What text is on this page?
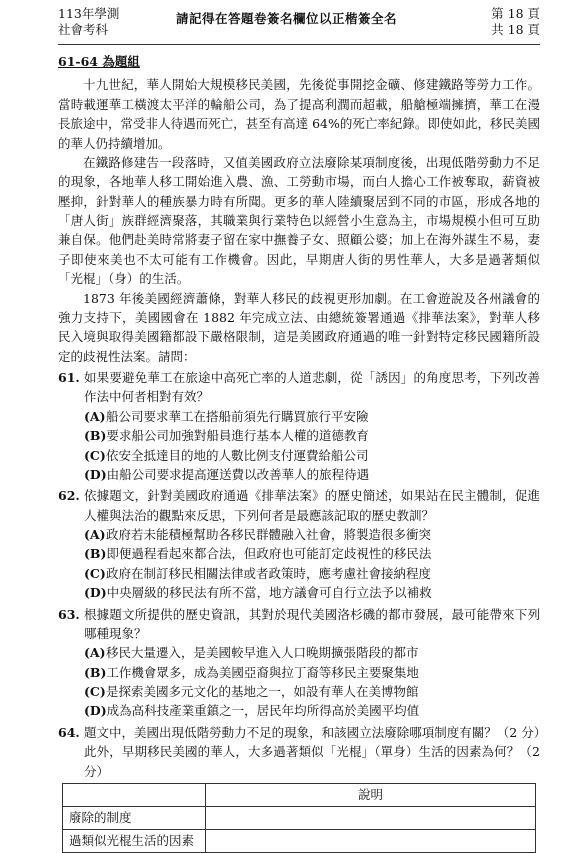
113年學測
社會考科
請記得在答題卷簽名欄位以正楷簽全名	第 18 頁
共 18 頁
61-64 為題組

十九世紀，華人開始大規模移民美國，先後從事開挖金礦、修建鐵路等勞力工作。當時載運華工橫渡太平洋的輪船公司，為了提高利潤而超載，船艙極端擁擠，華工在漫長旅途中，常受非人待遇而死亡，甚至有高達 64%的死亡率紀錄。即使如此，移民美國的華人仍持續增加。

在鐵路修建告一段落時，又值美國政府立法廢除某項制度後，出現低階勞動力不足的現象，各地華人移工開始進入農、漁、工勞動市場，而白人擔心工作被奪取，薪資被壓抑，針對華人的種族暴力時有所聞。更多的華人陸續聚居到不同的市區，形成各地的「唐人街」族群經濟聚落，其職業與行業特色以經營小生意為主，市場規模小但可互助兼自保。他們赴美時常將妻子留在家中撫養子女、照顧公婆；加上在海外謀生不易，妻子即使來美也不太可能有工作機會。因此，早期唐人街的男性華人，大多是過著類似「光棍」（身）的生活。

1873 年後美國經濟蕭條，對華人移民的歧視更形加劇。在工會遊說及各州議會的強力支持下，美國國會在 1882 年完成立法、由總統簽署通過《排華法案》，對華人移民入境與取得美國籍都設下嚴格限制，這是美國政府通過的唯一針對特定移民國籍所設定的歧視性法案。請問：

61. 如果要避免華工在旅途中高死亡率的人道悲劇，從「誘因」的角度思考，下列改善作法中何者相對有效？
(A) 船公司要求華工在搭船前須先行購買旅行平安險
(B) 要求船公司加強對船員進行基本人權的道德教育
(C) 依安全抵達目的地的人數比例支付運費給船公司
(D) 由船公司要求提高運送費以改善華人的旅程待遇
62. 依據題文，針對美國政府通過《排華法案》的歷史簡述，如果站在民主體制，促進人權與法治的觀點來反思，下列何者是最應該記取的歷史教訓？
(A) 政府若未能積極幫助各移民群體融入社會，將製造很多衝突
(B) 即便過程看起來都合法，但政府也可能訂定歧視性的移民法
(C) 政府在制訂移民相關法律或者政策時，應考慮社會接納程度
(D) 中央層級的移民法有所不當，地方議會可自行立法予以補救
63. 根據題文所提供的歷史資訊，其對於現代美國洛杉磯的都市發展，最可能帶來下列哪種現象？
(A) 移民大量遷入，是美國較早進入人口晚期擴張階段的都市
(B) 工作機會眾多，成為美國亞裔與拉丁裔等移民主要聚集地
(C) 是探索美國多元文化的基地之一，如設有華人在美博物館
(D) 成為高科技產業重鎮之一，居民年均所得高於美國平均值
64. 題文中，美國出現低階勞動力不足的現象，和該國立法廢除哪項制度有關？（2 分）此外，早期移民美國的華人，大多過著類似「光棍」（單身）生活的因素為何？（2 分）
	說明
廢除的制度	
過類似光棍生活的因素	
